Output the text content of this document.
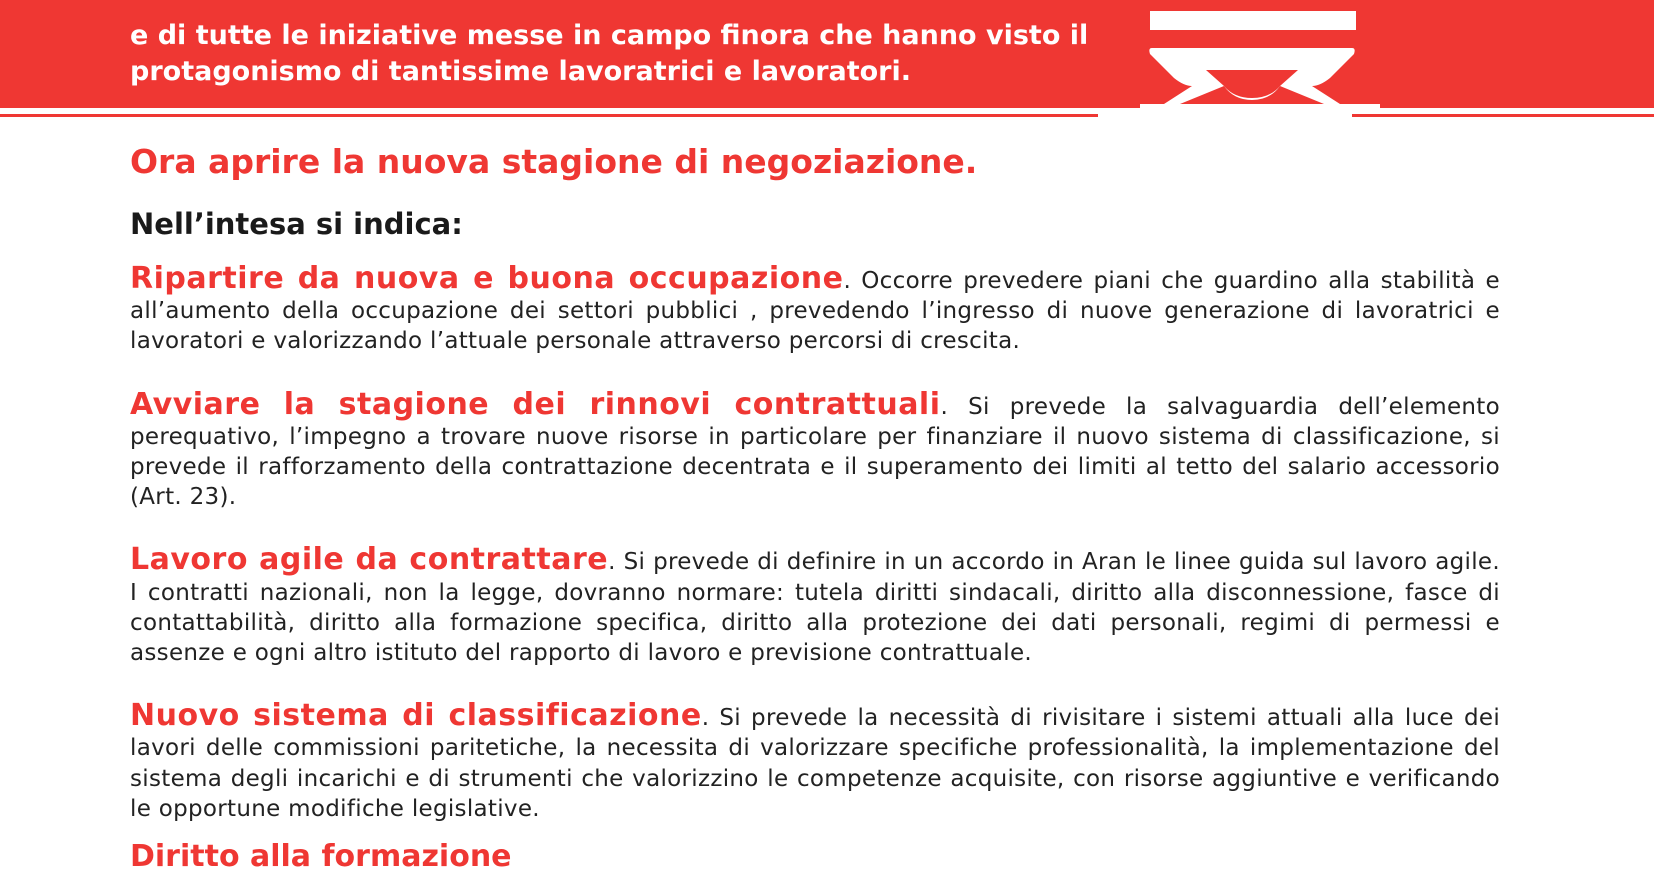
e di tutte le iniziative messe in campo finora che hanno visto il
protagonismo di tantissime lavoratrici e lavoratori.
Ora aprire la nuova stagione di negoziazione.
Nell’intesa si indica:

Ripartire da nuova e buona occupazione. Occorre prevedere piani che guardino alla stabilità e all’aumento della occupazione dei settori pubblici , prevedendo l’ingresso di nuove generazione di lavoratrici e lavoratori e valorizzando l’attuale personale attraverso percorsi di crescita.

Avviare la stagione dei rinnovi contrattuali. Si prevede la salvaguardia dell’elemento perequativo, l’impegno a trovare nuove risorse in particolare per finanziare il nuovo sistema di classificazione, si prevede il rafforzamento della contrattazione decentrata e il superamento dei limiti al tetto del salario accessorio (Art. 23).

Lavoro agile da contrattare. Si prevede di definire in un accordo in Aran le linee guida sul lavoro agile. I contratti nazionali, non la legge, dovranno normare: tutela diritti sindacali, diritto alla disconnessione, fasce di contattabilità, diritto alla formazione specifica, diritto alla protezione dei dati personali, regimi di permessi e assenze e ogni altro istituto del rapporto di lavoro e previsione contrattuale.

Nuovo sistema di classificazione. Si prevede la necessità di rivisitare i sistemi attuali alla luce dei lavori delle commissioni paritetiche, la necessita di valorizzare specifiche professionalità, la implementazione del sistema degli incarichi e di strumenti che valorizzino le competenze acquisite, con risorse aggiuntive e verificando le opportune modifiche legislative.

Diritto alla formazione
